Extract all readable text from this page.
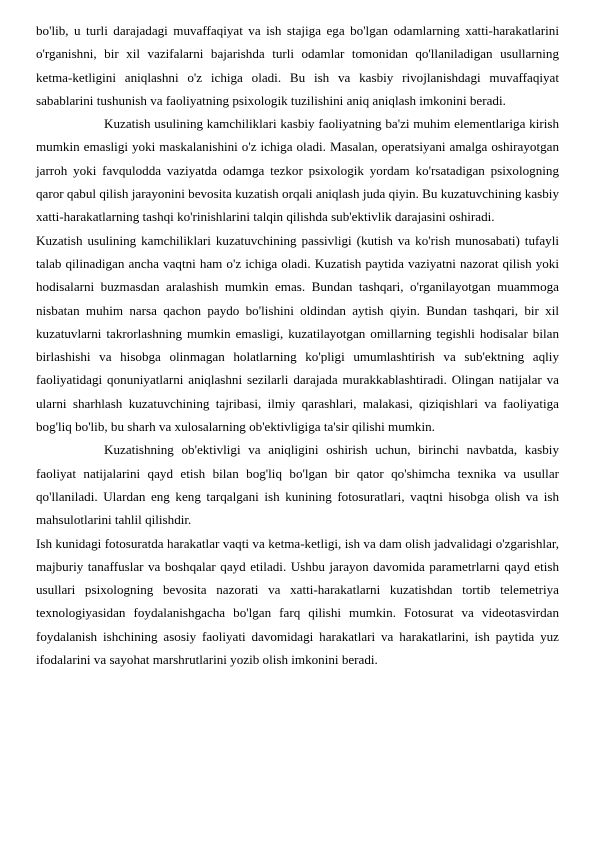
bo'lib, u turli darajadagi muvaffaqiyat va ish stajiga ega bo'lgan odamlarning xatti-harakatlarini o'rganishni, bir xil vazifalarni bajarishda turli odamlar tomonidan qo'llaniladigan usullarning ketma-ketligini aniqlashni o'z ichiga oladi. Bu ish va kasbiy rivojlanishdagi muvaffaqiyat sabablarini tushunish va faoliyatning psixologik tuzilishini aniq aniqlash imkonini beradi.

Kuzatish usulining kamchiliklari kasbiy faoliyatning ba'zi muhim elementlariga kirish mumkin emasligi yoki maskalanishini o'z ichiga oladi. Masalan, operatsiyani amalga oshirayotgan jarroh yoki favqulodda vaziyatda odamga tezkor psixologik yordam ko'rsatadigan psixologning qaror qabul qilish jarayonini bevosita kuzatish orqali aniqlash juda qiyin. Bu kuzatuvchining kasbiy xatti-harakatlarning tashqi ko'rinishlarini talqin qilishda sub'ektivlik darajasini oshiradi.

Kuzatish usulining kamchiliklari kuzatuvchining passivligi (kutish va ko'rish munosabati) tufayli talab qilinadigan ancha vaqtni ham o'z ichiga oladi. Kuzatish paytida vaziyatni nazorat qilish yoki hodisalarni buzmasdan aralashish mumkin emas. Bundan tashqari, o'rganilayotgan muammoga nisbatan muhim narsa qachon paydo bo'lishini oldindan aytish qiyin. Bundan tashqari, bir xil kuzatuvlarni takrorlashning mumkin emasligi, kuzatilayotgan omillarning tegishli hodisalar bilan birlashishi va hisobga olinmagan holatlarning ko'pligi umumlashtirish va sub'ektning aqliy faoliyatidagi qonuniyatlarni aniqlashni sezilarli darajada murakkablashtiradi. Olingan natijalar va ularni sharhlash kuzatuvchining tajribasi, ilmiy qarashlari, malakasi, qiziqishlari va faoliyatiga bog'liq bo'lib, bu sharh va xulosalarning ob'ektivligiga ta'sir qilishi mumkin.

Kuzatishning ob'ektivligi va aniqligini oshirish uchun, birinchi navbatda, kasbiy faoliyat natijalarini qayd etish bilan bog'liq bo'lgan bir qator qo'shimcha texnika va usullar qo'llaniladi. Ulardan eng keng tarqalgani ish kunining fotosuratlari, vaqtni hisobga olish va ish mahsulotlarini tahlil qilishdir.

Ish kunidagi fotosuratda harakatlar vaqti va ketma-ketligi, ish va dam olish jadvalidagi o'zgarishlar, majburiy tanaffuslar va boshqalar qayd etiladi. Ushbu jarayon davomida parametrlarni qayd etish usullari psixologning bevosita nazorati va xatti-harakatlarni kuzatishdan tortib telemetriya texnologiyasidan foydalanishgacha bo'lgan farq qilishi mumkin. Fotosurat va videotasvirdan foydalanish ishchining asosiy faoliyati davomidagi harakatlari va harakatlarini, ish paytida yuz ifodalarini va sayohat marshrutlarini yozib olish imkonini beradi.
